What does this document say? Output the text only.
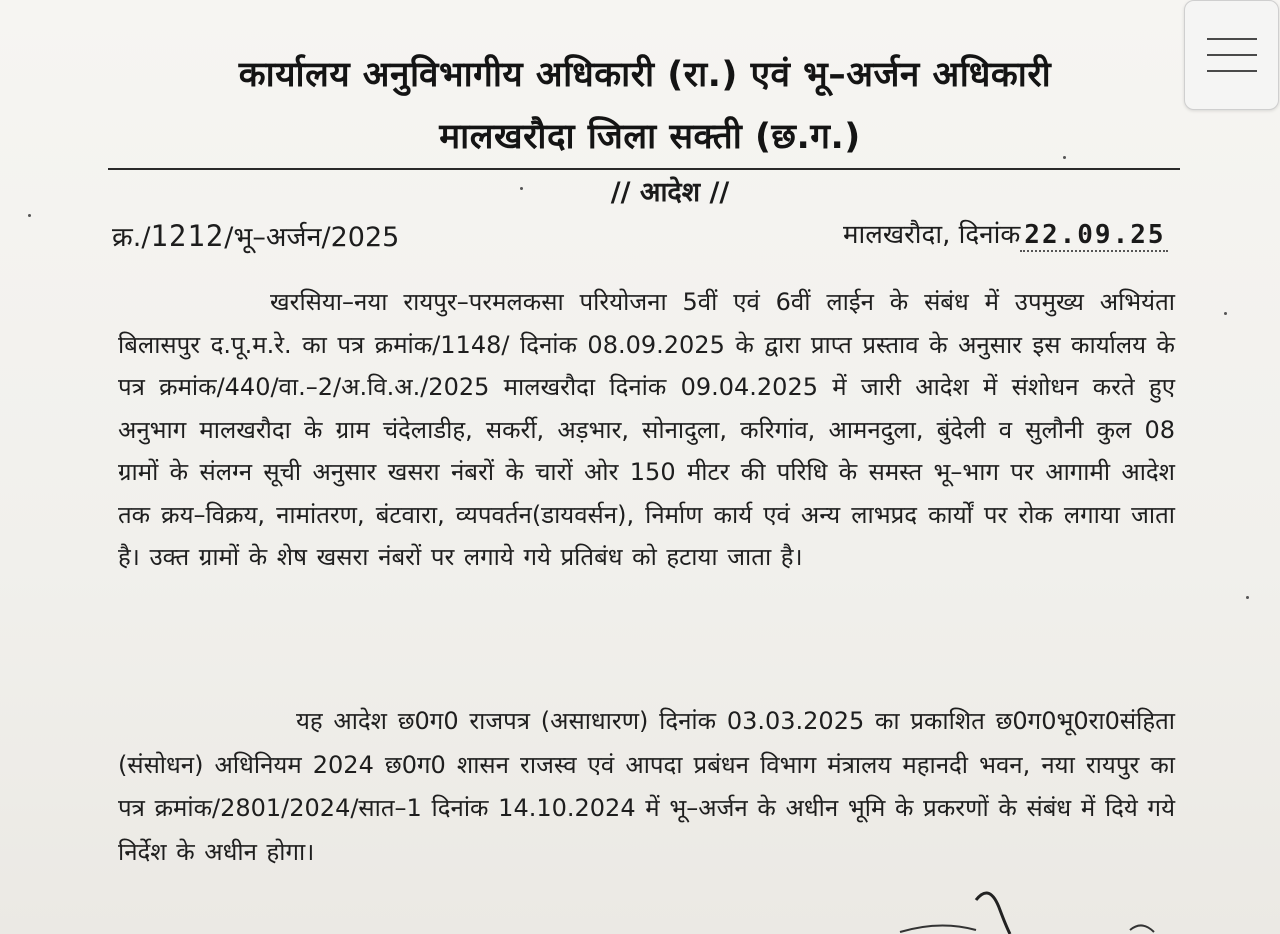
कार्यालय अनुविभागीय अधिकारी (रा.) एवं भू–अर्जन अधिकारी
मालखरौदा जिला सक्ती (छ.ग.)
// आदेश //
क्र./1212/भू–अर्जन/2025	मालखरौदा, दिनांक 22.09.25
खरसिया–नया रायपुर–परमलकसा परियोजना 5वीं एवं 6वीं लाईन के संबंध में उपमुख्य अभियंता बिलासपुर द.पू.म.रे. का पत्र क्रमांक/1148/ दिनांक 08.09.2025 के द्वारा प्राप्त प्रस्ताव के अनुसार इस कार्यालय के पत्र क्रमांक/440/वा.–2/अ.वि.अ./2025 मालखरौदा दिनांक 09.04.2025 में जारी आदेश में संशोधन करते हुए अनुभाग मालखरौदा के ग्राम चंदेलाडीह, सकर्री, अड़भार, सोनादुला, करिगांव, आमनदुला, बुंदेली व सुलौनी कुल 08 ग्रामों के संलग्न सूची अनुसार खसरा नंबरों के चारों ओर 150 मीटर की परिधि के समस्त भू–भाग पर आगामी आदेश तक क्रय–विक्रय, नामांतरण, बंटवारा, व्यपवर्तन(डायवर्सन), निर्माण कार्य एवं अन्य लाभप्रद कार्यों पर रोक लगाया जाता है। उक्त ग्रामों के शेष खसरा नंबरों पर लगाये गये प्रतिबंध को हटाया जाता है।
यह आदेश छ0ग0 राजपत्र (असाधारण) दिनांक 03.03.2025 का प्रकाशित छ0ग0भू0रा0संहिता (संसोधन) अधिनियम 2024 छ0ग0 शासन राजस्व एवं आपदा प्रबंधन विभाग मंत्रालय महानदी भवन, नया रायपुर का पत्र क्रमांक/2801/2024/सात–1 दिनांक 14.10.2024 में भू–अर्जन के अधीन भूमि के प्रकरणों के संबंध में दिये गये निर्देश के अधीन होगा।
